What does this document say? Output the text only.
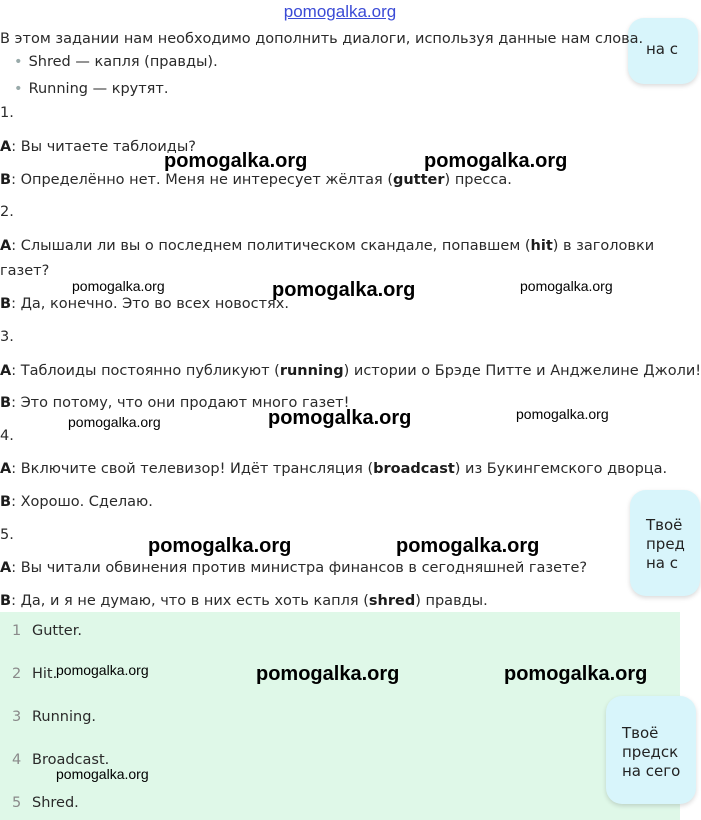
pomogalka.org
на с
Твоё
пред
на с
В этом задании нам необходимо дополнить диалоги, используя данные нам слова.
• Shred — капля (правды).
• Running — крутят.
1.
A: Вы читаете таблоиды?
B: Определённо нет. Меня не интересует жёлтая (gutter) пресса.
2.
A: Слышали ли вы о последнем политическом скандале, попавшем (hit) в заголовки
газет?
B: Да, конечно. Это во всех новостях.
3.
A: Таблоиды постоянно публикуют (running) истории о Брэде Питте и Анджелине Джоли!
B: Это потому, что они продают много газет!
4.
A: Включите свой телевизор! Идёт трансляция (broadcast) из Букингемского дворца.
B: Хорошо. Сделаю.
5.
A: Вы читали обвинения против министра финансов в сегодняшней газете?
B: Да, и я не думаю, что в них есть хоть капля (shred) правды.
1 Gutter.
2 Hit.
3 Running.
4 Broadcast.
5 Shred.
Твоё
предск
на сего
pomogalka.org	pomogalka.org
pomogalka.org	pomogalka.org	pomogalka.org
pomogalka.org	pomogalka.org	pomogalka.org
pomogalka.org	pomogalka.org
pomogalka.org	pomogalka.org	pomogalka.org
pomogalka.org
